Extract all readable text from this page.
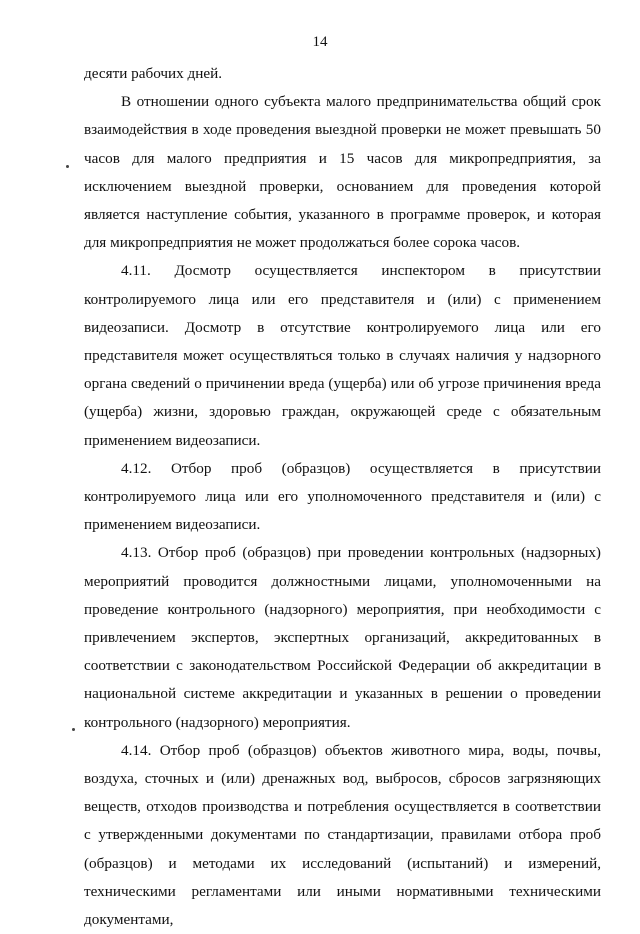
14

десяти рабочих дней.

В отношении одного субъекта малого предпринимательства общий срок взаимодействия в ходе проведения выездной проверки не может превышать 50 часов для малого предприятия и 15 часов для микропредприятия, за исключением выездной проверки, основанием для проведения которой является наступление события, указанного в программе проверок, и которая для микропредприятия не может продолжаться более сорока часов.

4.11. Досмотр осуществляется инспектором в присутствии контролируемого лица или его представителя и (или) с применением видеозаписи. Досмотр в отсутствие контролируемого лица или его представителя может осуществляться только в случаях наличия у надзорного органа сведений о причинении вреда (ущерба) или об угрозе причинения вреда (ущерба) жизни, здоровью граждан, окружающей среде с обязательным применением видеозаписи.

4.12. Отбор проб (образцов) осуществляется в присутствии контролируемого лица или его уполномоченного представителя и (или) с применением видеозаписи.

4.13. Отбор проб (образцов) при проведении контрольных (надзорных) мероприятий проводится должностными лицами, уполномоченными на проведение контрольного (надзорного) мероприятия, при необходимости с привлечением экспертов, экспертных организаций, аккредитованных в соответствии с законодательством Российской Федерации об аккредитации в национальной системе аккредитации и указанных в решении о проведении контрольного (надзорного) мероприятия.

4.14. Отбор проб (образцов) объектов животного мира, воды, почвы, воздуха, сточных и (или) дренажных вод, выбросов, сбросов загрязняющих веществ, отходов производства и потребления осуществляется в соответствии с утвержденными документами по стандартизации, правилами отбора проб (образцов) и методами их исследований (испытаний) и измерений, техническими регламентами или иными нормативными техническими документами,
